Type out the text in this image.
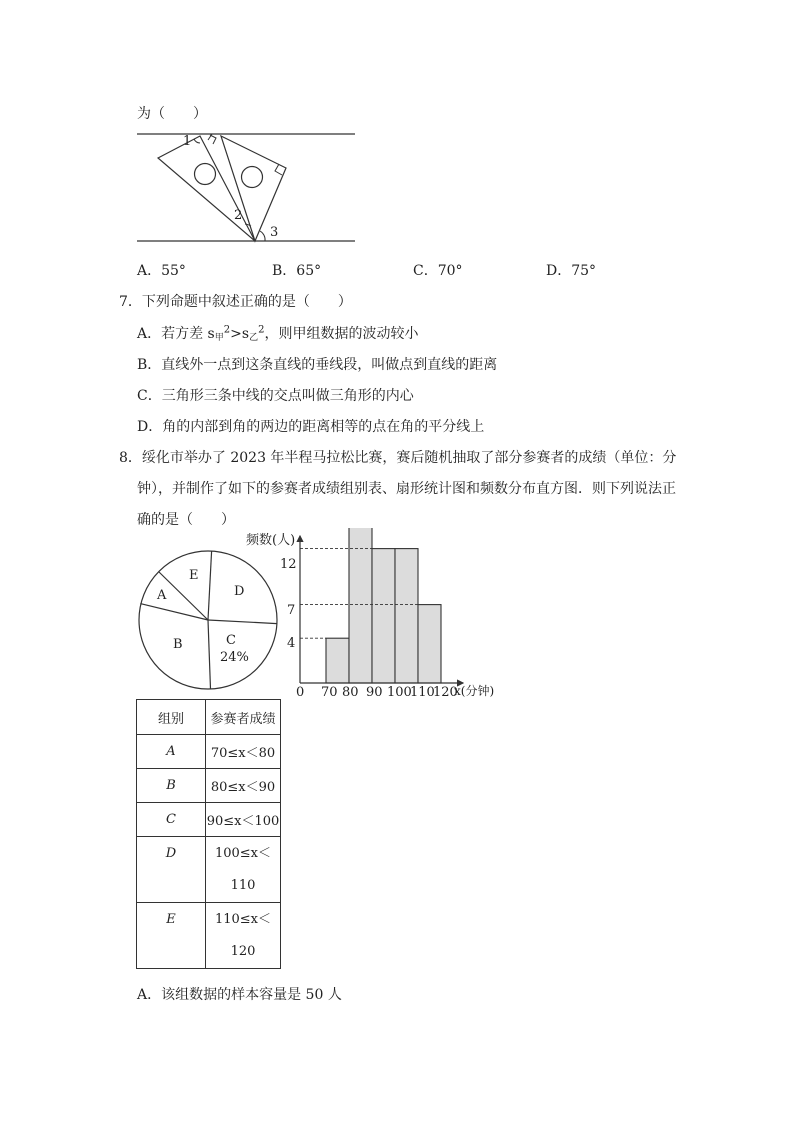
为（　　）
1
2
3
A．55°	B．65°	C．70°	D．75°
7．下列命题中叙述正确的是（　　）
A．若方差 s甲$^2$>s乙$^2$，则甲组数据的波动较小
B．直线外一点到这条直线的垂线段，叫做点到直线的距离
C．三角形三条中线的交点叫做三角形的内心
D．角的内部到角的两边的距离相等的点在角的平分线上
8．绥化市举办了 2023 年半程马拉松比赛，赛后随机抽取了部分参赛者的成绩（单位：分
钟），并制作了如下的参赛者成绩组别表、扇形统计图和频数分布直方图．则下列说法正
确的是（　　）
A
B	C
24%
D
E
频数(人)
x(分钟)
4
7
12
0 70 80 90 100
110
120
组别	参赛者成绩
A	70≤x＜80
B	80≤x＜90
C	90≤x＜100
D	100≤x＜
110

E	110≤x＜
120
A．该组数据的样本容量是 50 人
